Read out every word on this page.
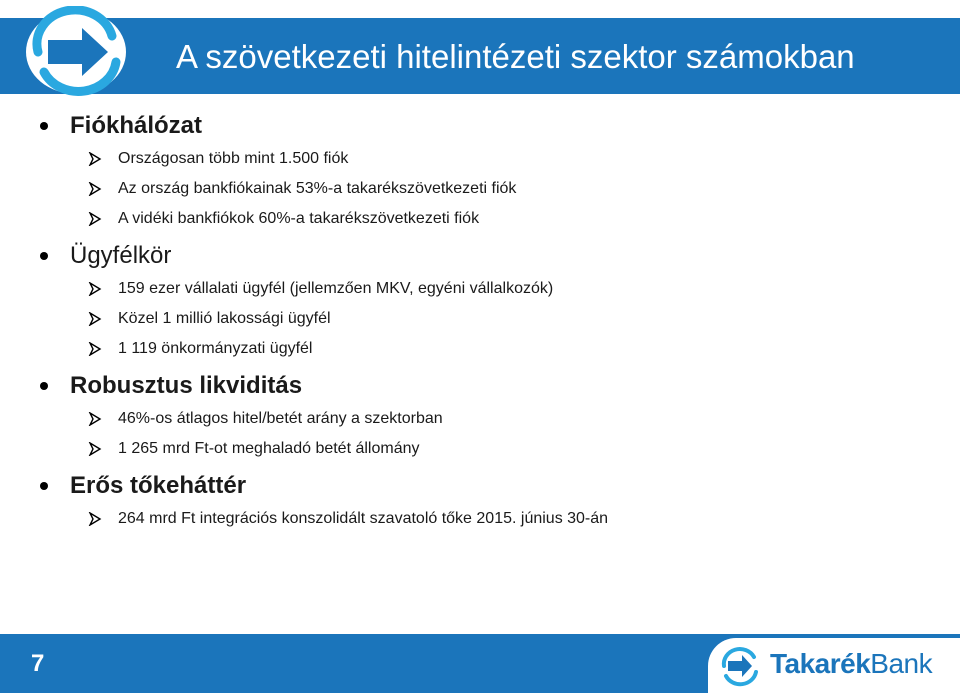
A szövetkezeti hitelintézeti szektor számokban
Fiókhálózat
Országosan több mint 1.500 fiók
Az ország bankfiókainak 53%-a takarékszövetkezeti fiók
A vidéki bankfiókok 60%-a takarékszövetkezeti fiók
Ügyfélkör
159 ezer vállalati ügyfél (jellemzően MKV, egyéni vállalkozók)
Közel 1 millió lakossági ügyfél
1 119 önkormányzati ügyfél
Robusztus likviditás
46%-os átlagos hitel/betét arány a szektorban
1 265 mrd Ft-ot meghaladó betét állomány
Erős tőkeháttér
264 mrd Ft integrációs konszolidált szavatoló tőke 2015. június 30-án
7	TakarékBank
